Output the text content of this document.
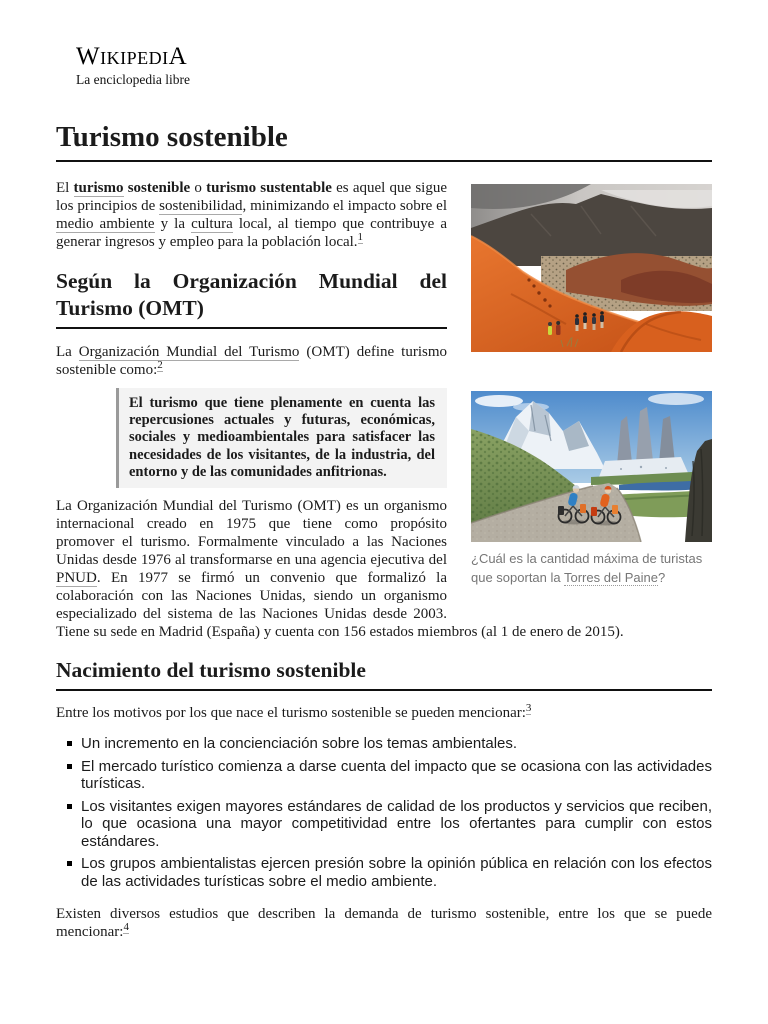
WikipediA
La enciclopedia libre
Turismo sostenible
¿Cuál es la cantidad máxima de turistas que soportan la Torres del Paine?

El turismo sostenible o turismo sustentable es aquel que sigue los principios de sostenibilidad, minimizando el impacto sobre el medio ambiente y la cultura local, al tiempo que contribuye a generar ingresos y empleo para la población local.$^1$

Según la Organización Mundial del Turismo (OMT)

La Organización Mundial del Turismo (OMT) define turismo sostenible como:$^2$

El turismo que tiene plenamente en cuenta las repercusiones actuales y futuras, económicas, sociales y medioambientales para satisfacer las necesidades de los visitantes, de la industria, del entorno y de las comunidades anfitrionas.

La Organización Mundial del Turismo (OMT) es un organismo internacional creado en 1975 que tiene como propósito promover el turismo. Formalmente vinculado a las Naciones Unidas desde 1976 al transformarse en una agencia ejecutiva del PNUD. En 1977 se firmó un convenio que formalizó la colaboración con las Naciones Unidas, siendo un organismo especializado del sistema de las Naciones Unidas desde 2003. Tiene su sede en Madrid (España) y cuenta con 156 estados miembros (al 1 de enero de 2015).

Nacimiento del turismo sostenible

Entre los motivos por los que nace el turismo sostenible se pueden mencionar:$^3$

Un incremento en la concienciación sobre los temas ambientales.
El mercado turístico comienza a darse cuenta del impacto que se ocasiona con las actividades turísticas.
Los visitantes exigen mayores estándares de calidad de los productos y servicios que reciben, lo que ocasiona una mayor competitividad entre los ofertantes para cumplir con estos estándares.
Los grupos ambientalistas ejercen presión sobre la opinión pública en relación con los efectos de las actividades turísticas sobre el medio ambiente.

Existen diversos estudios que describen la demanda de turismo sostenible, entre los que se puede mencionar:$^4$
